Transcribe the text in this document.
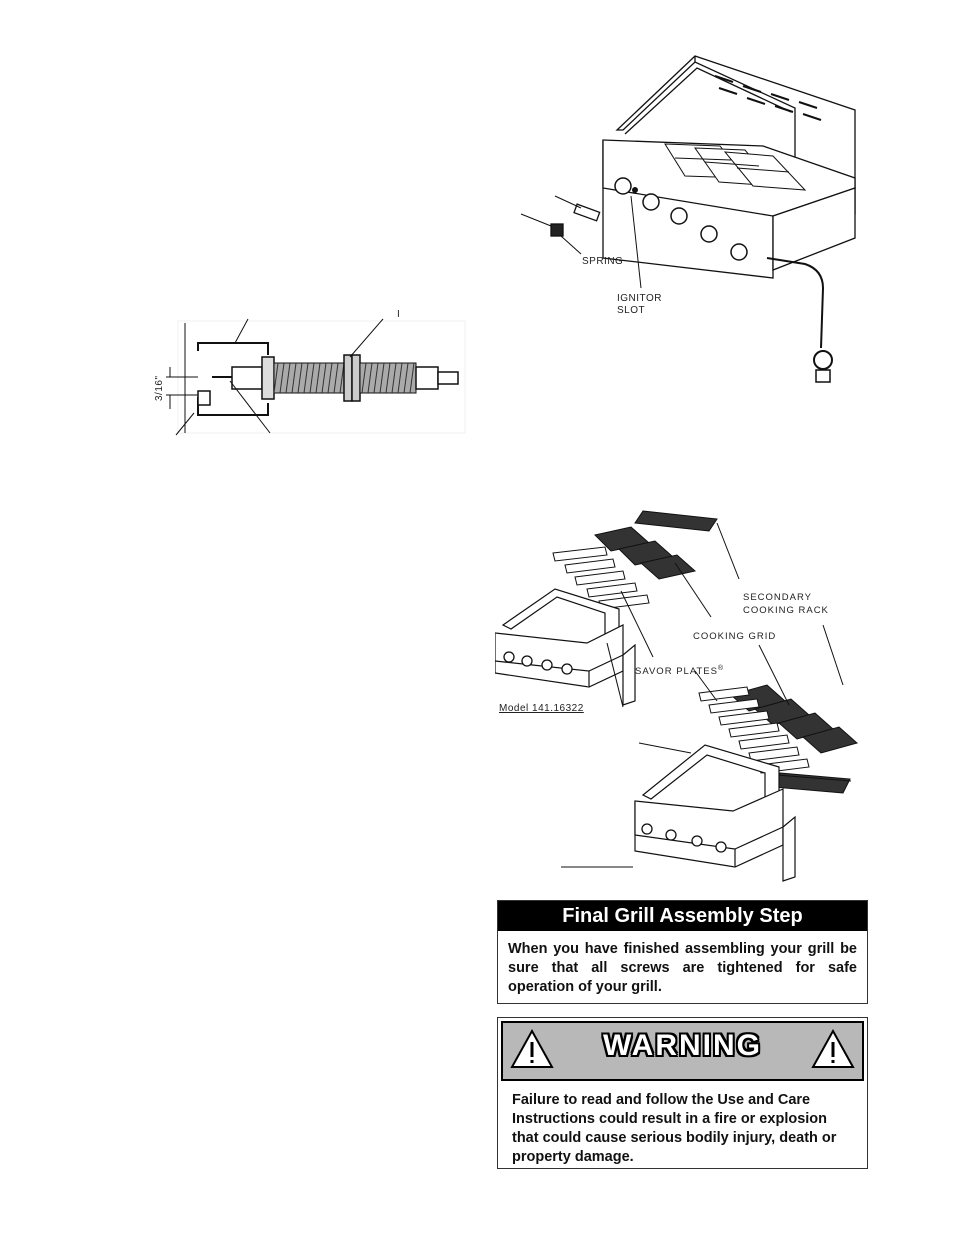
3/16"
I
SPRING
IGNITOR
SLOT
SECONDARY
COOKING RACK
COOKING GRID
SAVOR PLATES®
Model 141.16322
Final Grill Assembly Step
When you have finished assembling your grill be sure that all screws are tightened for safe operation of your grill.
WARNING
Failure to read and follow the Use and Care Instructions could result in a fire or explosion that could cause serious bodily injury, death or property damage.
